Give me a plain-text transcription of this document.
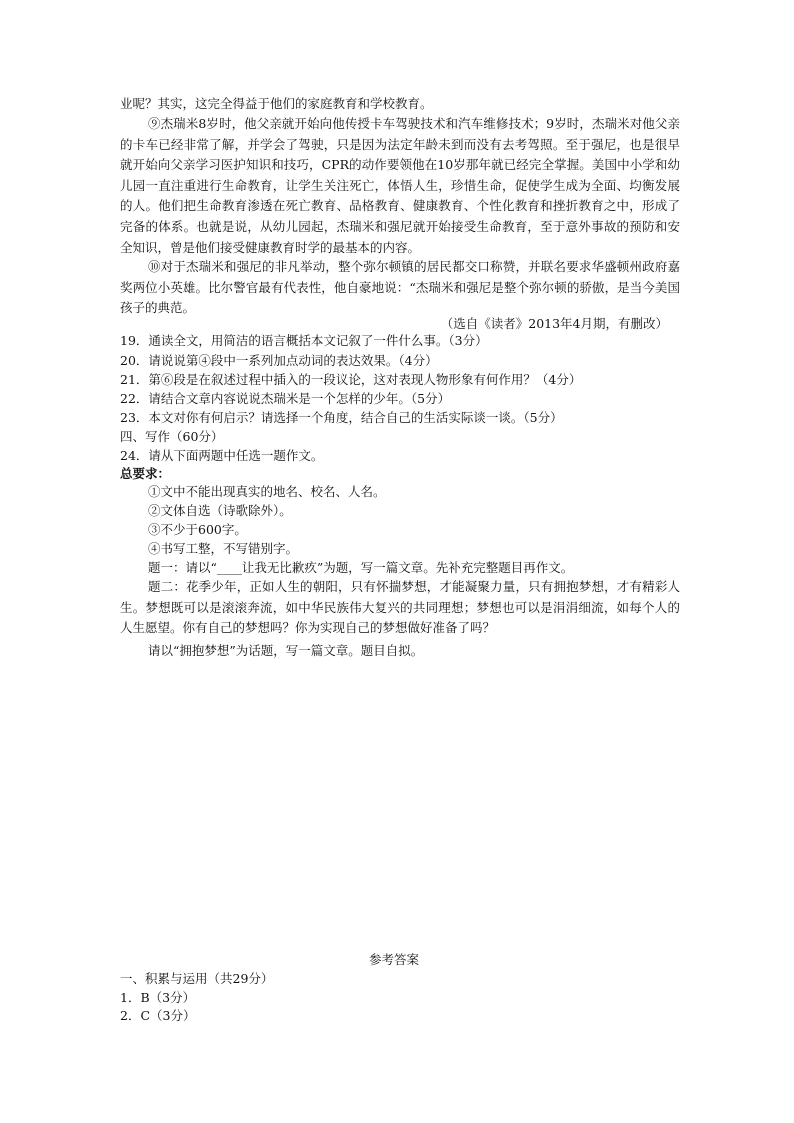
业呢？其实，这完全得益于他们的家庭教育和学校教育。

⑨杰瑞米8岁时，他父亲就开始向他传授卡车驾驶技术和汽车维修技术；9岁时，杰瑞米对他父亲的卡车已经非常了解，并学会了驾驶，只是因为法定年龄未到而没有去考驾照。至于强尼，也是很早就开始向父亲学习医护知识和技巧，CPR的动作要领他在10岁那年就已经完全掌握。美国中小学和幼儿园一直注重进行生命教育，让学生关注死亡，体悟人生，珍惜生命，促使学生成为全面、均衡发展的人。他们把生命教育渗透在死亡教育、品格教育、健康教育、个性化教育和挫折教育之中，形成了完备的体系。也就是说，从幼儿园起，杰瑞米和强尼就开始接受生命教育，至于意外事故的预防和安全知识，曾是他们接受健康教育时学的最基本的内容。

⑩对于杰瑞米和强尼的非凡举动，整个弥尔顿镇的居民都交口称赞，并联名要求华盛顿州政府嘉奖两位小英雄。比尔警官最有代表性，他自豪地说：“杰瑞米和强尼是整个弥尔顿的骄傲，是当今美国孩子的典范。

（选自《读者》2013年4月期，有删改）

19．通读全文，用简洁的语言概括本文记叙了一件什么事。（3分）

20．请说说第④段中一系列加点动词的表达效果。（4分）

21．第⑥段是在叙述过程中插入的一段议论，这对表现人物形象有何作用？（4分）

22．请结合文章内容说说杰瑞米是一个怎样的少年。（5分）

23．本文对你有何启示？请选择一个角度，结合自己的生活实际谈一谈。（5分）

四、写作（60分）

24．请从下面两题中任选一题作文。

总要求：

①文中不能出现真实的地名、校名、人名。

②文体自选（诗歌除外）。

③不少于600字。

④书写工整，不写错别字。

题一：请以“____让我无比歉疚”为题，写一篇文章。先补充完整题目再作文。

题二：花季少年，正如人生的朝阳，只有怀揣梦想，才能凝聚力量，只有拥抱梦想，才有精彩人生。梦想既可以是滚滚奔流，如中华民族伟大复兴的共同理想；梦想也可以是涓涓细流，如每个人的人生愿望。你有自己的梦想吗？你为实现自己的梦想做好准备了吗？

请以“拥抱梦想”为话题，写一篇文章。题目自拟。

参考答案

一、积累与运用（共29分）

1．B（3分）

2．C（3分）
